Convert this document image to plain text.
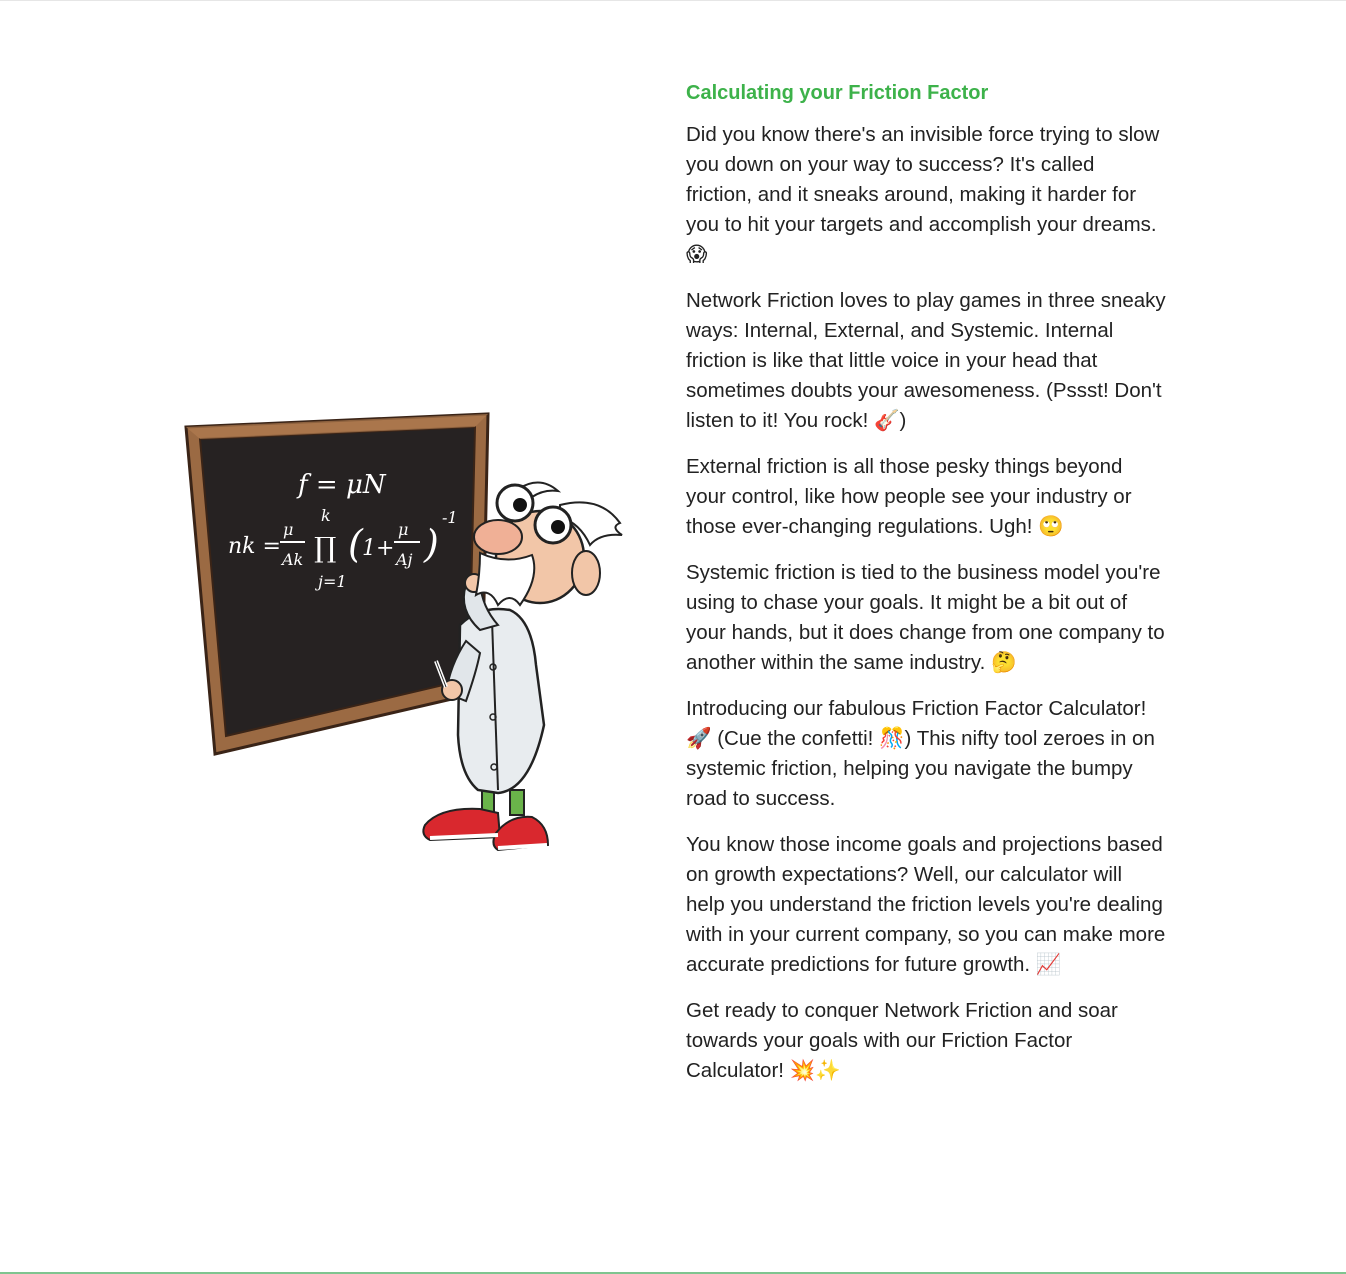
f = μN
nk =
μ
Ak
k
∏
j=1
( 1+
μ
Aj )
-1
Calculating your Friction Factor

Did you know there's an invisible force trying to slow you down on your way to success? It's called friction, and it sneaks around, making it harder for you to hit your targets and accomplish your dreams. 😱

Network Friction loves to play games in three sneaky ways: Internal, External, and Systemic. Internal friction is like that little voice in your head that sometimes doubts your awesomeness. (Pssst! Don't listen to it! You rock! 🎸)

External friction is all those pesky things beyond your control, like how people see your industry or those ever-changing regulations. Ugh! 🙄

Systemic friction is tied to the business model you're using to chase your goals. It might be a bit out of your hands, but it does change from one company to another within the same industry. 🤔

Introducing our fabulous Friction Factor Calculator! 🚀 (Cue the confetti! 🎊) This nifty tool zeroes in on systemic friction, helping you navigate the bumpy road to success.

You know those income goals and projections based on growth expectations? Well, our calculator will help you understand the friction levels you're dealing with in your current company, so you can make more accurate predictions for future growth. 📈

Get ready to conquer Network Friction and soar towards your goals with our Friction Factor Calculator! 💥✨
